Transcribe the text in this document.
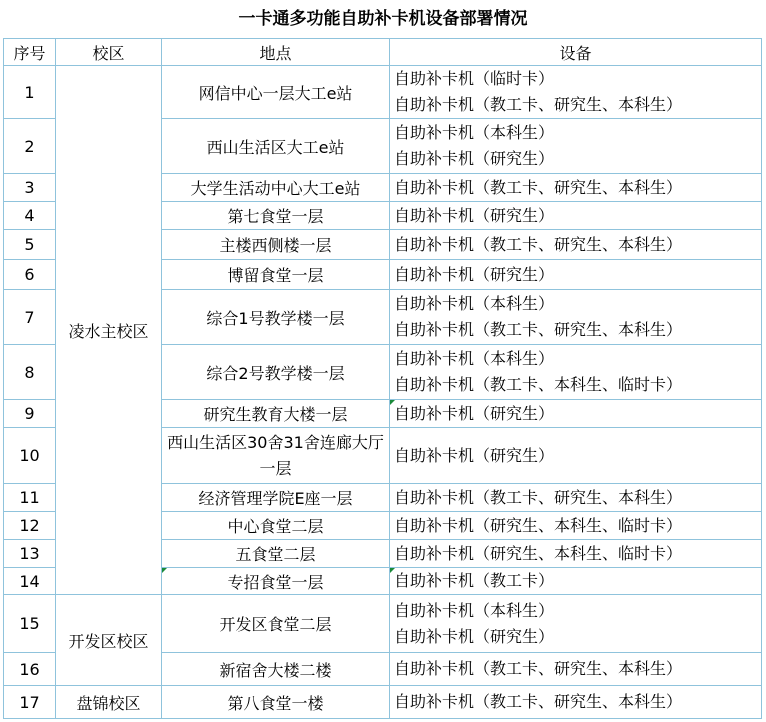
一卡通多功能自助补卡机设备部署情况
序号	校区	地点	设备
1	凌水主校区	网信中心一层大工e站	自助补卡机（临时卡）
自助补卡机（教工卡、研究生、本科生）

2		西山生活区大工e站	自助补卡机（本科生）
自助补卡机（研究生）

3		大学生活动中心大工e站	自助补卡机（教工卡、研究生、本科生）

4		第七食堂一层	自助补卡机（研究生）

5		主楼西侧楼一层	自助补卡机（教工卡、研究生、本科生）

6		博留食堂一层	自助补卡机（研究生）

7		综合1号教学楼一层	自助补卡机（本科生）
自助补卡机（教工卡、研究生、本科生）

8		综合2号教学楼一层	自助补卡机（本科生）
自助补卡机（教工卡、本科生、临时卡）

9		研究生教育大楼一层	自助补卡机（研究生）

10		西山生活区30舍31舍连廊大厅一层	自助补卡机（研究生）

11		经济管理学院E座一层	自助补卡机（教工卡、研究生、本科生）

12		中心食堂二层	自助补卡机（研究生、本科生、临时卡）

13		五食堂二层	自助补卡机（研究生、本科生、临时卡）

14		专招食堂一层	自助补卡机（教工卡）

15	开发区校区	开发区食堂二层	自助补卡机（本科生）
自助补卡机（研究生）

16		新宿舍大楼二楼	自助补卡机（教工卡、研究生、本科生）

17	盘锦校区	第八食堂一楼	自助补卡机（教工卡、研究生、本科生）
